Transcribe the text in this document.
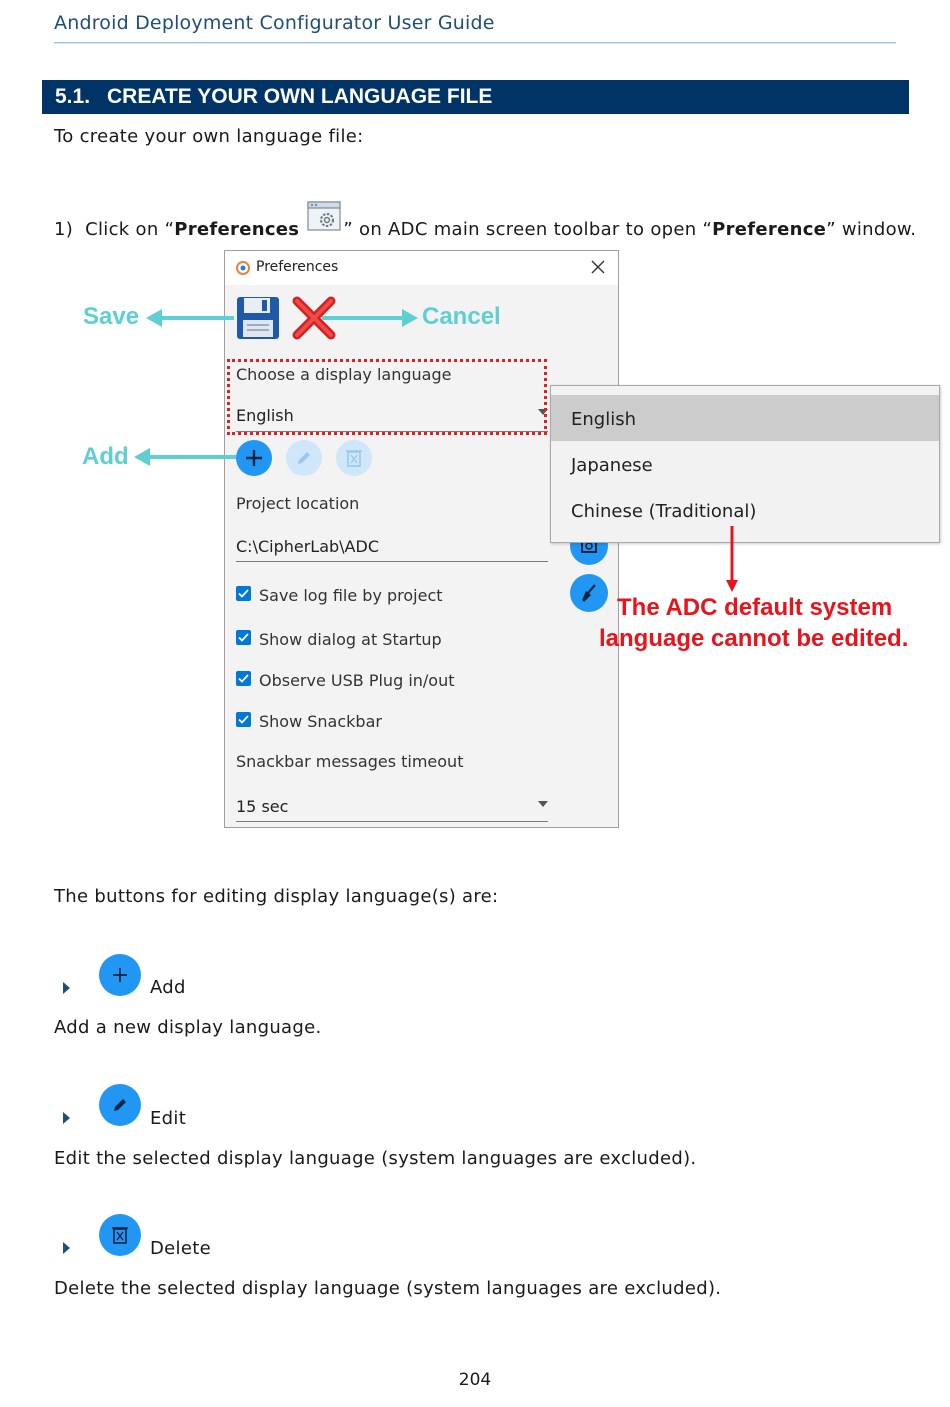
Android Deployment Configurator User Guide
5.1. CREATE YOUR OWN LANGUAGE FILE
To create your own language file:
1) Click on “Preferences ” on ADC main screen toolbar to open “Preference” window.
Preferences
Choose a display language
English
Project location
C:\CipherLab\ADC
Save log file by project
Show dialog at Startup
Observe USB Plug in/out
Show Snackbar
Snackbar messages timeout
15 sec
English
Japanese
Chinese (Traditional)
Save	Cancel
Add
The ADC default system
language cannot be edited.
The buttons for editing display language(s) are:
Add
Add a new display language.
Edit
Edit the selected display language (system languages are excluded).
Delete
Delete the selected display language (system languages are excluded).
204
